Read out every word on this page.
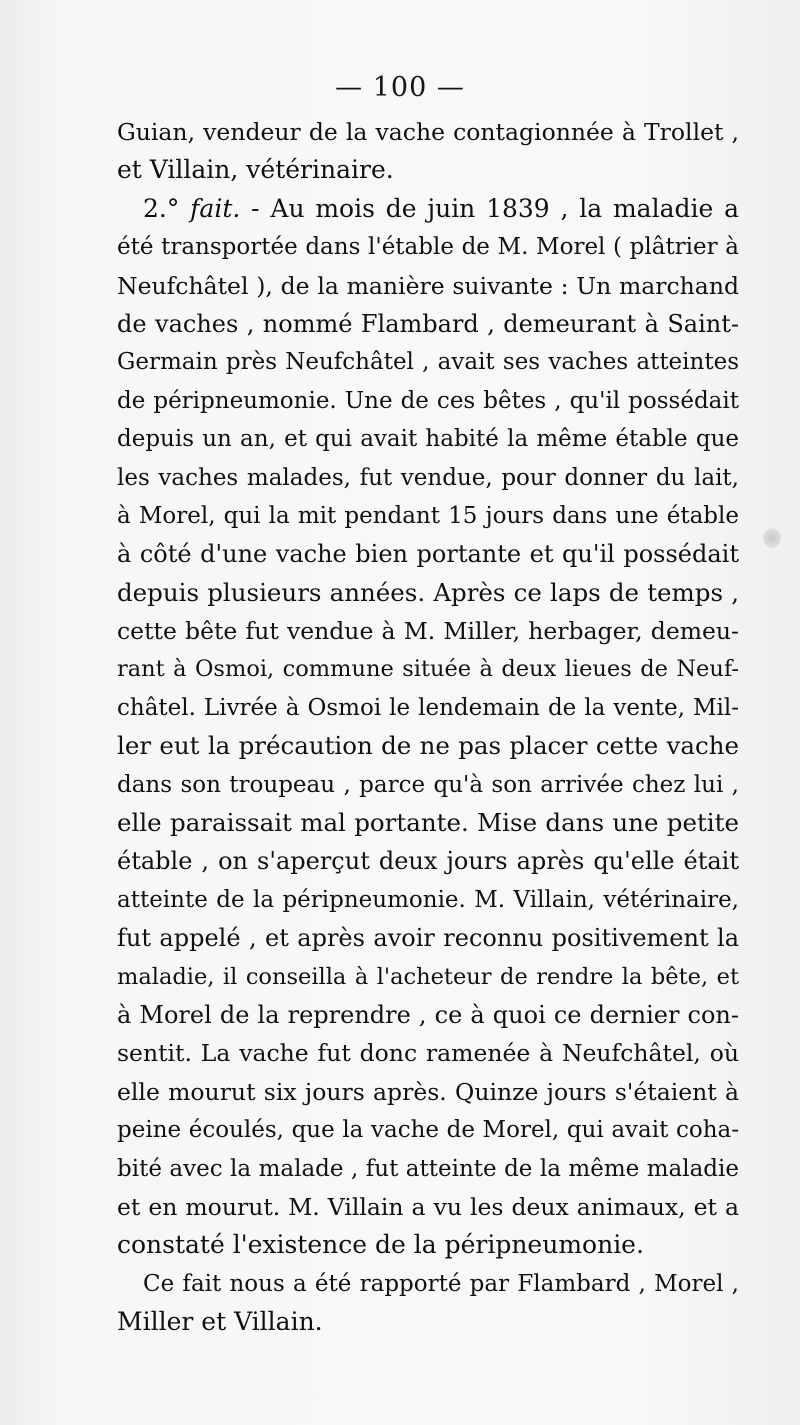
— 100 —
Guian, vendeur de la vache contagionnée à Trollet ,
et Villain, vétérinaire.
2.° fait. - Au mois de juin 1839 , la maladie a
été transportée dans l'étable de M. Morel ( plâtrier à
Neufchâtel ), de la manière suivante : Un marchand
de vaches , nommé Flambard , demeurant à Saint-
Germain près Neufchâtel , avait ses vaches atteintes
de péripneumonie. Une de ces bêtes , qu'il possédait
depuis un an, et qui avait habité la même étable que
les vaches malades, fut vendue, pour donner du lait,
à Morel, qui la mit pendant 15 jours dans une étable
à côté d'une vache bien portante et qu'il possédait
depuis plusieurs années. Après ce laps de temps ,
cette bête fut vendue à M. Miller, herbager, demeu-
rant à Osmoi, commune située à deux lieues de Neuf-
châtel. Livrée à Osmoi le lendemain de la vente, Mil-
ler eut la précaution de ne pas placer cette vache
dans son troupeau , parce qu'à son arrivée chez lui ,
elle paraissait mal portante. Mise dans une petite
étable , on s'aperçut deux jours après qu'elle était
atteinte de la péripneumonie. M. Villain, vétérinaire,
fut appelé , et après avoir reconnu positivement la
maladie, il conseilla à l'acheteur de rendre la bête, et
à Morel de la reprendre , ce à quoi ce dernier con-
sentit. La vache fut donc ramenée à Neufchâtel, où
elle mourut six jours après. Quinze jours s'étaient à
peine écoulés, que la vache de Morel, qui avait coha-
bité avec la malade , fut atteinte de la même maladie
et en mourut. M. Villain a vu les deux animaux, et a
constaté l'existence de la péripneumonie.
Ce fait nous a été rapporté par Flambard , Morel ,
Miller et Villain.
